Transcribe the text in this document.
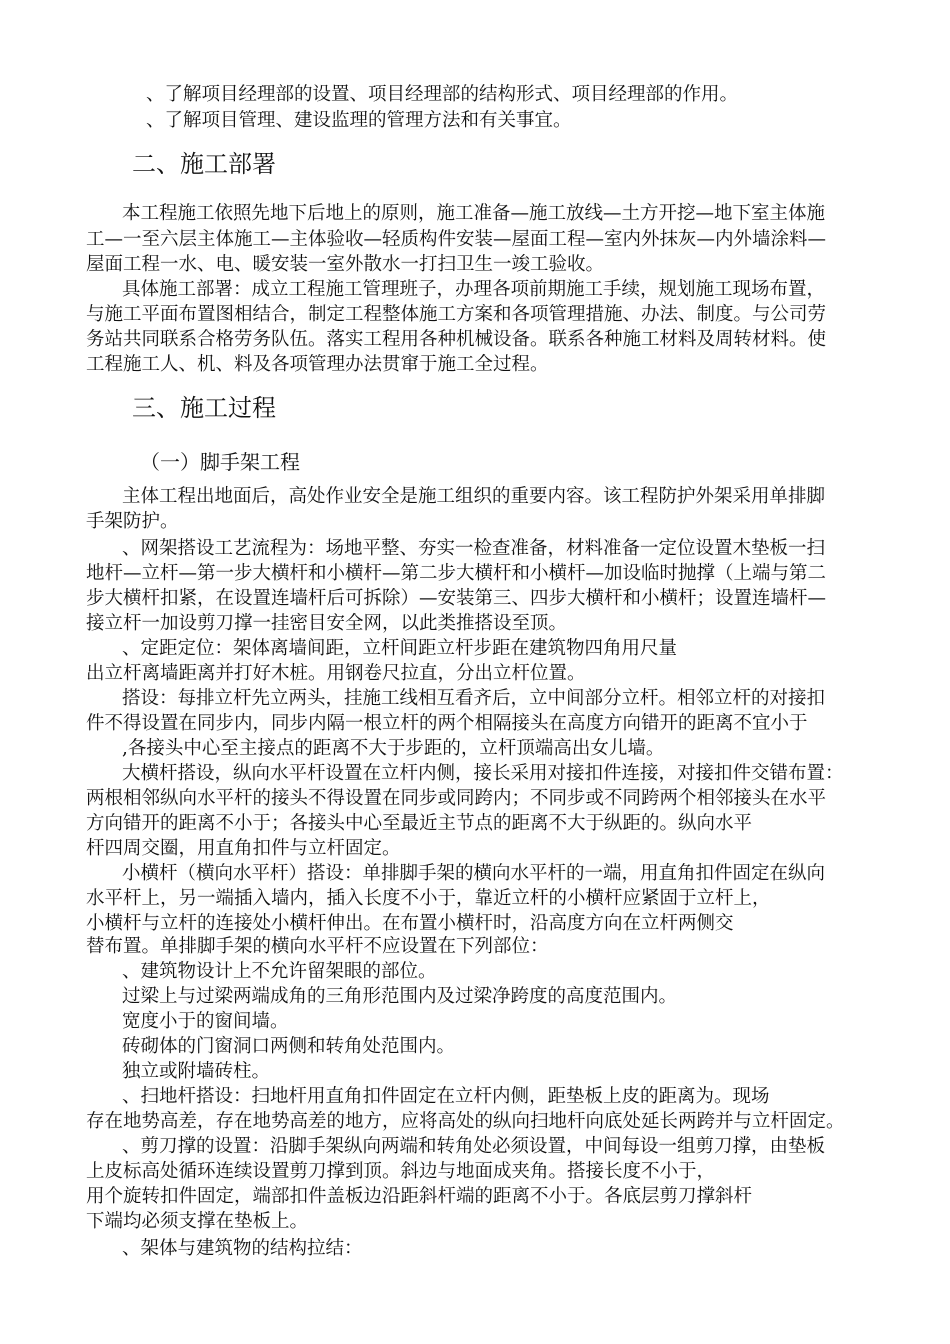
、了解项目经理部的设置、项目经理部的结构形式、项目经理部的作用。
、了解项目管理、建设监理的管理方法和有关事宜。
二、施工部署
本工程施工依照先地下后地上的原则，施工准备—施工放线—土方开挖—地下室主体施
工—一至六层主体施工—主体验收—轻质构件安装—屋面工程—室内外抹灰—内外墙涂料—
屋面工程一水、电、暖安装一室外散水一打扫卫生一竣工验收。
具体施工部署：成立工程施工管理班子，办理各项前期施工手续，规划施工现场布置，
与施工平面布置图相结合，制定工程整体施工方案和各项管理措施、办法、制度。与公司劳
务站共同联系合格劳务队伍。落实工程用各种机械设备。联系各种施工材料及周转材料。使
工程施工人、机、料及各项管理办法贯窜于施工全过程。
三、施工过程
（一）脚手架工程
主体工程出地面后，高处作业安全是施工组织的重要内容。该工程防护外架采用单排脚
手架防护。
、网架搭设工艺流程为：场地平整、夯实一检查准备，材料准备一定位设置木垫板一扫
地杆—立杆—第一步大横杆和小横杆—第二步大横杆和小横杆—加设临时抛撑（上端与第二
步大横杆扣紧，在设置连墙杆后可拆除）—安装第三、四步大横杆和小横杆；设置连墙杆—
接立杆一加设剪刀撑一挂密目安全网，以此类推搭设至顶。
、定距定位：架体离墙间距，立杆间距立杆步距在建筑物四角用尺量
出立杆离墙距离并打好木桩。用钢卷尺拉直，分出立杆位置。
搭设：每排立杆先立两头，挂施工线相互看齐后，立中间部分立杆。相邻立杆的对接扣
件不得设置在同步内，同步内隔一根立杆的两个相隔接头在高度方向错开的距离不宜小于
,各接头中心至主接点的距离不大于步距的，立杆顶端高出女儿墙。
大横杆搭设，纵向水平杆设置在立杆内侧，接长采用对接扣件连接，对接扣件交错布置：
两根相邻纵向水平杆的接头不得设置在同步或同跨内；不同步或不同跨两个相邻接头在水平
方向错开的距离不小于；各接头中心至最近主节点的距离不大于纵距的。纵向水平
杆四周交圈，用直角扣件与立杆固定。
小横杆（横向水平杆）搭设：单排脚手架的横向水平杆的一端，用直角扣件固定在纵向
水平杆上，另一端插入墙内，插入长度不小于，靠近立杆的小横杆应紧固于立杆上，
小横杆与立杆的连接处小横杆伸出。在布置小横杆时，沿高度方向在立杆两侧交
替布置。单排脚手架的横向水平杆不应设置在下列部位：
、建筑物设计上不允许留架眼的部位。
过梁上与过梁两端成角的三角形范围内及过梁净跨度的高度范围内。
宽度小于的窗间墙。
砖砌体的门窗洞口两侧和转角处范围内。
独立或附墙砖柱。
、扫地杆搭设：扫地杆用直角扣件固定在立杆内侧，距垫板上皮的距离为。现场
存在地势高差，存在地势高差的地方，应将高处的纵向扫地杆向底处延长两跨并与立杆固定。
、剪刀撑的设置：沿脚手架纵向两端和转角处必须设置，中间每设一组剪刀撑，由垫板
上皮标高处循环连续设置剪刀撑到顶。斜边与地面成夹角。搭接长度不小于，
用个旋转扣件固定，端部扣件盖板边沿距斜杆端的距离不小于。各底层剪刀撑斜杆
下端均必须支撑在垫板上。
、架体与建筑物的结构拉结：
